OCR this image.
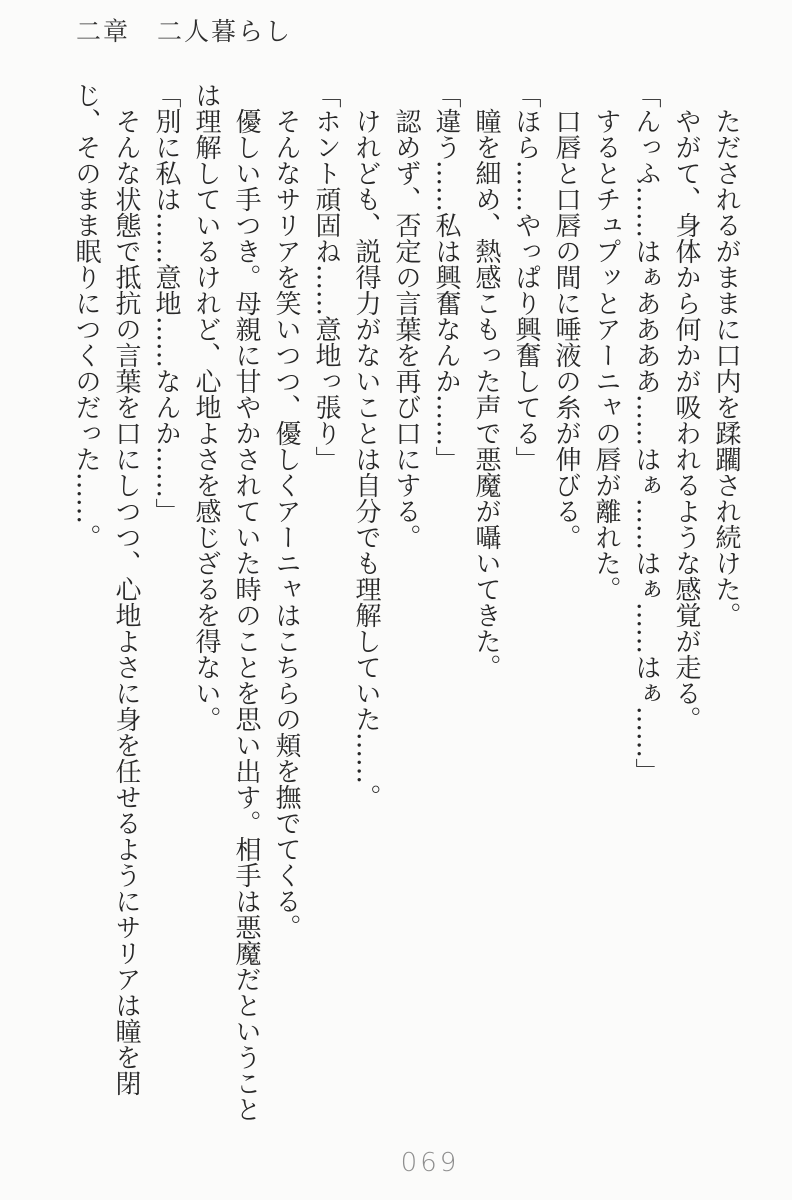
二章　二人暮らし

ただされるがままに口内を蹂躙され続けた。

やがて、身体から何かが吸われるような感覚が走る。

「んっふ……はぁああああ……はぁ……はぁ……はぁ……」

するとチュプッとアーニャの唇が離れた。

口唇と口唇の間に唾液の糸が伸びる。

「ほら……やっぱり興奮してる」

瞳を細め、熱感こもった声で悪魔が囁いてきた。

「違う……私は興奮なんか……」

認めず、否定の言葉を再び口にする。

けれども、説得力がないことは自分でも理解していた……。

「ホント頑固ね……意地っ張り」

そんなサリアを笑いつつ、優しくアーニャはこちらの頬を撫でてくる。

優しい手つき。母親に甘やかされていた時のことを思い出す。相手は悪魔だということは理解しているけれど、心地よさを感じざるを得ない。

「別に私は……意地……なんか……」

そんな状態で抵抗の言葉を口にしつつ、心地よさに身を任せるようにサリアは瞳を閉じ、そのまま眠りにつくのだった……。

069
